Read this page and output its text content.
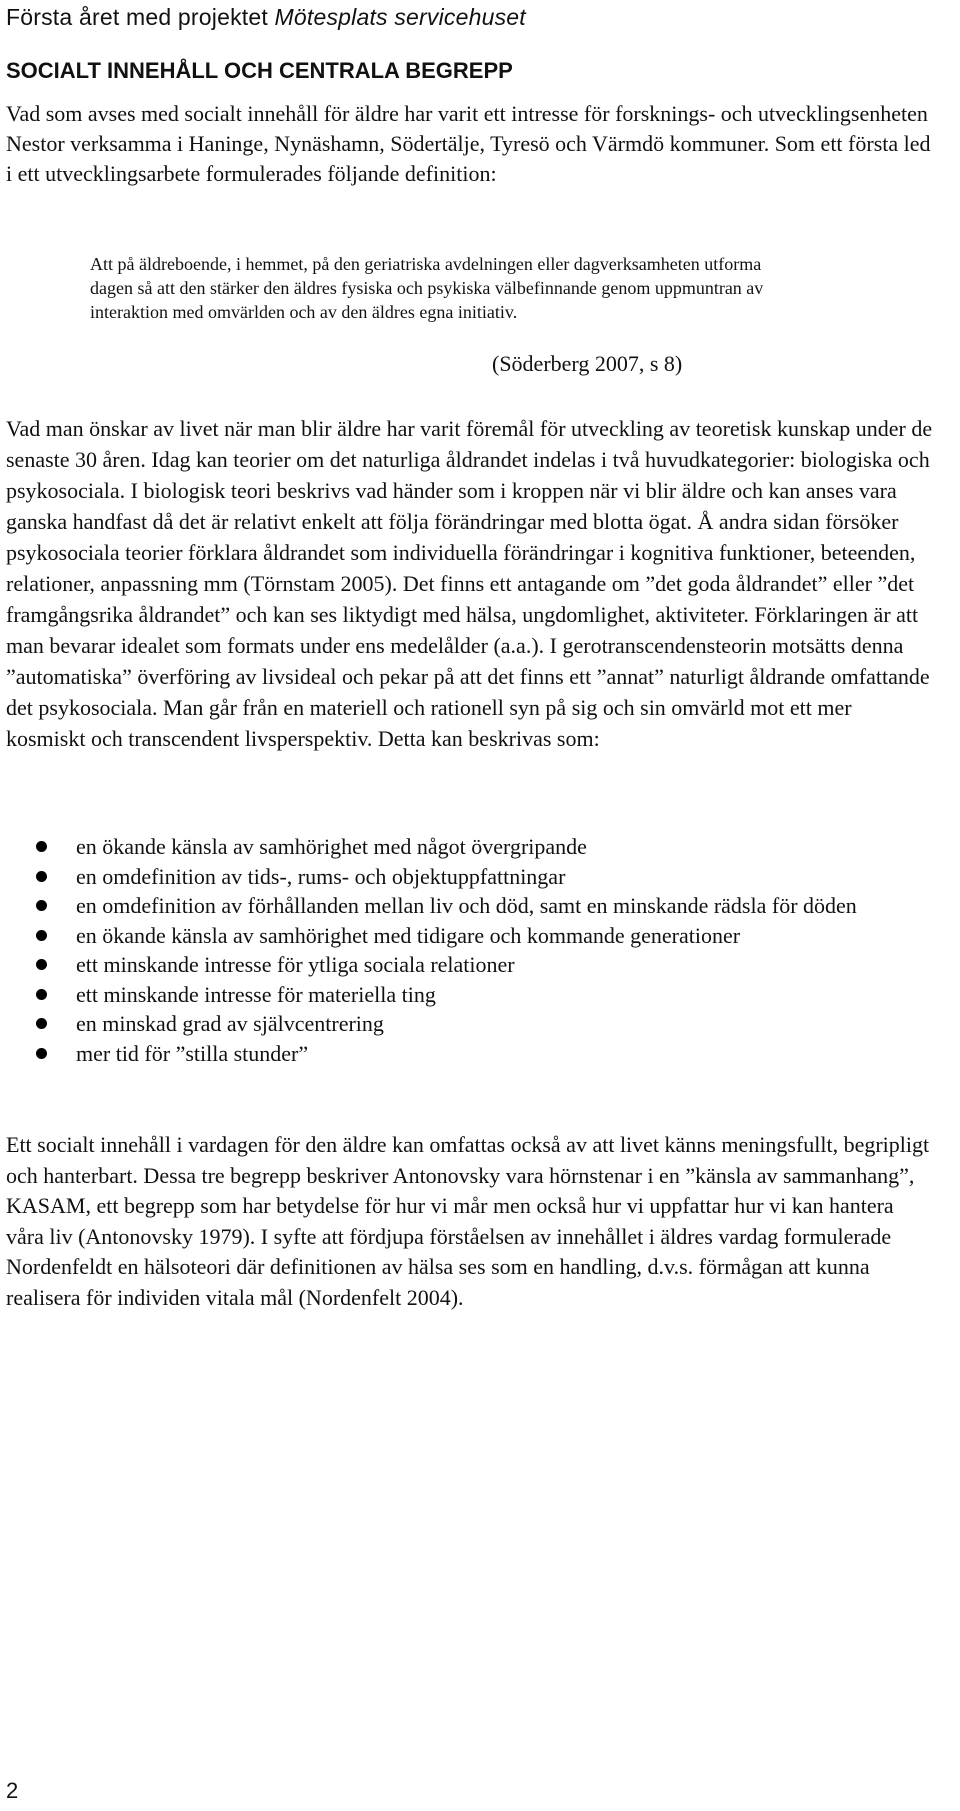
Första året med projektet Mötesplats servicehuset
SOCIALT INNEHÅLL OCH CENTRALA BEGREPP

Vad som avses med socialt innehåll för äldre har varit ett intresse för forsknings- och utvecklingsenheten Nestor verksamma i Haninge, Nynäshamn, Södertälje, Tyresö och Värmdö kommuner. Som ett första led i ett utvecklingsarbete formulerades följande definition:

Att på äldreboende, i hemmet, på den geriatriska avdelningen eller dagverksamheten utforma dagen så att den stärker den äldres fysiska och psykiska välbefinnande genom uppmuntran av interaktion med omvärlden och av den äldres egna initiativ.

(Söderberg 2007, s 8)

Vad man önskar av livet när man blir äldre har varit föremål för utveckling av teoretisk kunskap under de senaste 30 åren. Idag kan teorier om det naturliga åldrandet indelas i två huvudkategorier: biologiska och psykosociala. I biologisk teori beskrivs vad händer som i kroppen när vi blir äldre och kan anses vara ganska handfast då det är relativt enkelt att följa förändringar med blotta ögat. Å andra sidan försöker psykosociala teorier förklara åldrandet som individuella förändringar i kognitiva funktioner, beteenden, relationer, anpassning mm (Törnstam 2005). Det finns ett antagande om ”det goda åldrandet” eller ”det framgångsrika åldrandet” och kan ses liktydigt med hälsa, ungdomlighet, aktiviteter. Förklaringen är att man bevarar idealet som formats under ens medelålder (a.a.). I gerotranscendensteorin motsätts denna ”automatiska” överföring av livsideal och pekar på att det finns ett ”annat” naturligt åldrande omfattande det psykosociala. Man går från en materiell och rationell syn på sig och sin omvärld mot ett mer kosmiskt och transcendent livsperspektiv. Detta kan beskrivas som:

en ökande känsla av samhörighet med något övergripande
en omdefinition av tids-, rums- och objektuppfattningar
en omdefinition av förhållanden mellan liv och död, samt en minskande rädsla för döden
en ökande känsla av samhörighet med tidigare och kommande generationer
ett minskande intresse för ytliga sociala relationer
ett minskande intresse för materiella ting
en minskad grad av självcentrering
mer tid för ”stilla stunder”

Ett socialt innehåll i vardagen för den äldre kan omfattas också av att livet känns meningsfullt, begripligt och hanterbart. Dessa tre begrepp beskriver Antonovsky vara hörnstenar i en ”känsla av sammanhang”, KASAM, ett begrepp som har betydelse för hur vi mår men också hur vi uppfattar hur vi kan hantera våra liv (Antonovsky 1979). I syfte att fördjupa förståelsen av innehållet i äldres vardag formulerade Nordenfeldt en hälsoteori där definitionen av hälsa ses som en handling, d.v.s. förmågan att kunna realisera för individen vitala mål (Nordenfelt 2004).

2
